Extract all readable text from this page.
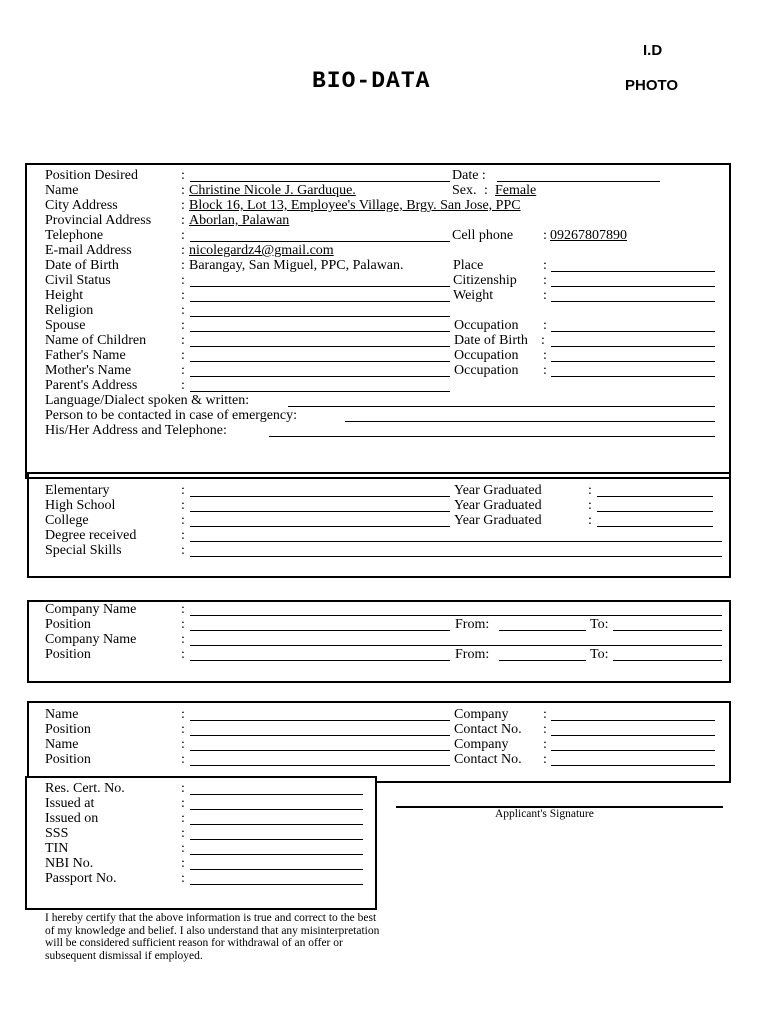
BIO-DATA
I.D
PHOTO
Position Desired	:	Date :
Name	: Christine Nicole J. Garduque.	Sex. : Female
City Address	: Block 16, Lot 13, Employee's Village, Brgy. San Jose, PPC
Provincial Address : Aborlan, Palawan
Telephone	:	Cell phone : 09267807890
E-mail Address	: nicolegardz4@gmail.com
Date of Birth	: Barangay, San Miguel, PPC, Palawan.	Place	:
Civil Status	:	Citizenship :
Height	:	Weight	:
Religion	:
Spouse	:	Occupation :
Name of Children :	Date of Birth :
Father's Name	:	Occupation :
Mother's Name	:	Occupation :
Parent's Address	:
Language/Dialect spoken & written:
Person to be contacted in case of emergency:
His/Her Address and Telephone:
Elementary	:	Year Graduated	:
High School	:	Year Graduated	:
College	:	Year Graduated	:
Degree received	:
Special Skills	:
Company Name	:
Position	:	From:	To:
Company Name	:
Position	:	From:	To:
Name	:	Company :
Position	:	Contact No. :
Name	:	Company :
Position	:	Contact No. :
Res. Cert. No.	:
Issued at	:
Issued on	:
SSS	:
TIN	:
NBI No.	:
Passport No.	:
Applicant's Signature
I hereby certify that the above information is true and correct to the best of my knowledge and belief. I also understand that any misinterpretation will be considered sufficient reason for withdrawal of an offer or subsequent dismissal if employed.
